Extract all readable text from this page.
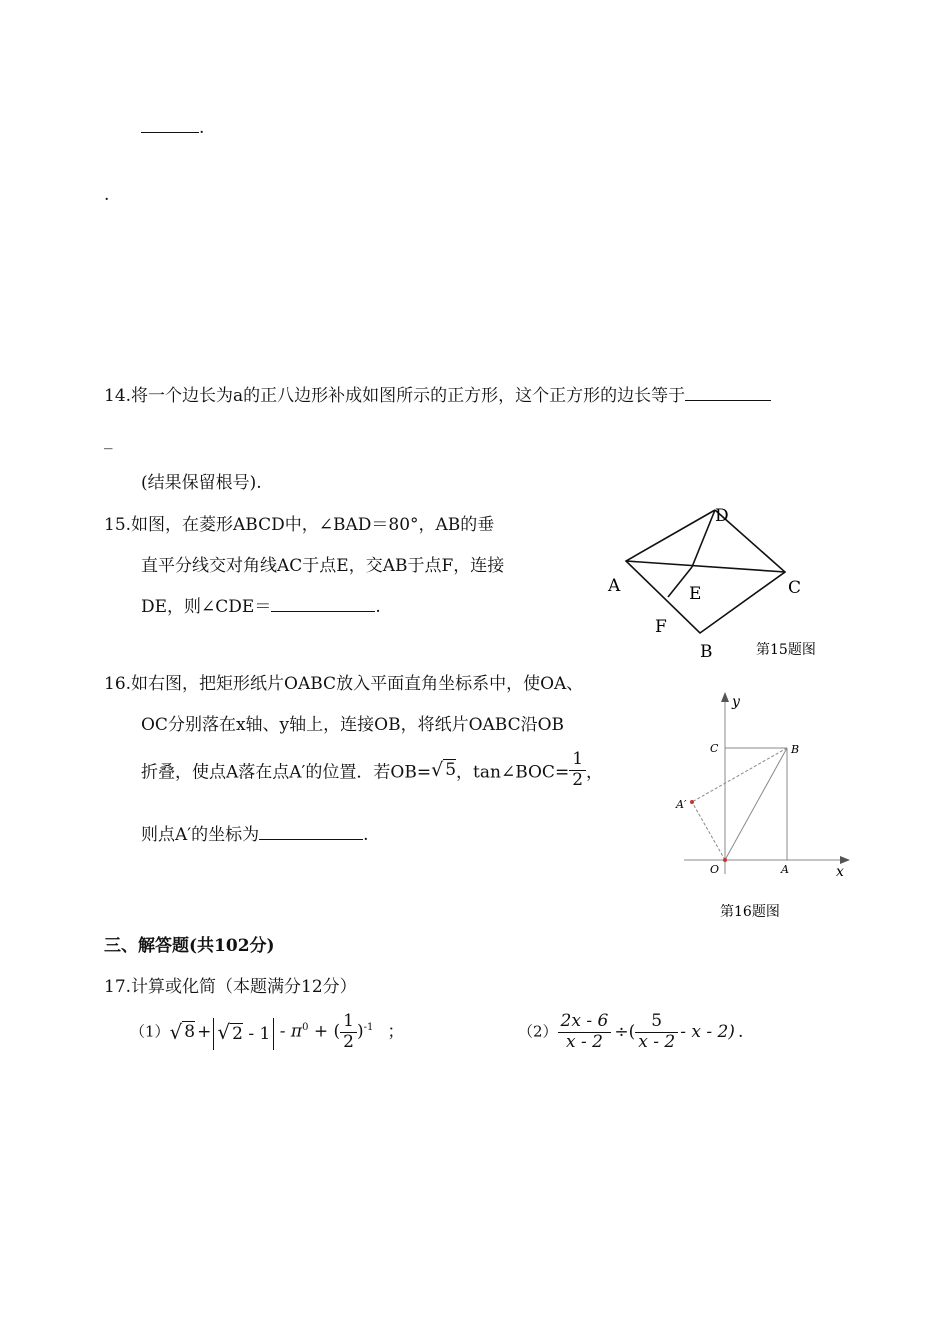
.
.
14.将一个边长为a的正八边形补成如图所示的正方形，这个正方形的边长等于
_
(结果保留根号).
15.如图，在菱形ABCD中，∠BAD＝80°，AB的垂
直平分线交对角线AC于点E，交AB于点F，连接
DE，则∠CDE＝	.
D
A	E	C
F
B	第15题图
16.如右图，把矩形纸片OABC放入平面直角坐标系中，使OA、
OC分别落在x轴、y轴上，连接OB，将纸片OABC沿OB
折叠，使点A落在点A′的位置．若OB=√ 5，tan∠BOC= $\frac{1}{2}$ ，
则点A′的坐标为	.
y
x
C	B
A′
O	A
第16题图
三、解答题(共102分)
17.计算或化简（本题满分12分）
（1）√ 8 + √ $2 - 1 - \pi^0$ + ( $\frac{1}{2} )^{-1}$ ；	$(2) \frac{2x - 6}{x - 2}$ ÷( $\frac{5}{x - 2}$ - x - 2) .
